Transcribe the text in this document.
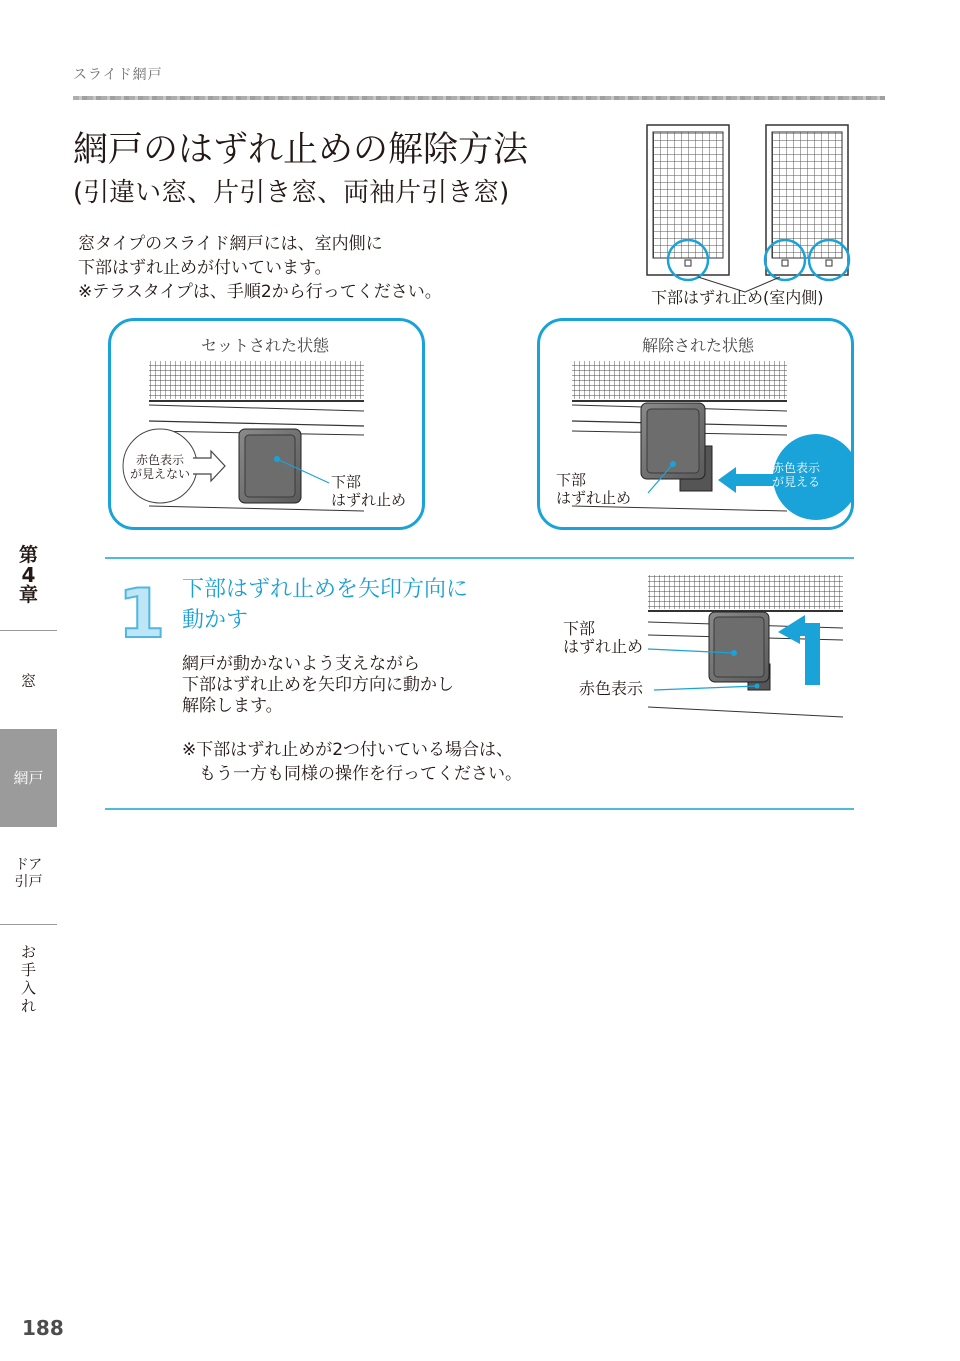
スライド網戸
網戸のはずれ止めの解除方法
(引違い窓、片引き窓、両袖片引き窓)
窓タイプのスライド網戸には、室内側に
下部はずれ止めが付いています。
※テラスタイプは、手順2から行ってください。	下部はずれ止め(室内側)
セットされた状態
赤色表示
が見えない	下部
はずれ止め
解除された状態
下部
はずれ止め
赤色表示
が見える
1 下部はずれ止めを矢印方向に
動かす
網戸が動かないよう支えながら
下部はずれ止めを矢印方向に動かし
解除します。
※下部はずれ止めが2つ付いている場合は、
　もう一方も同様の操作を行ってください。
下部
はずれ止め
赤色表示
第
4
章
窓
網戸
ドア
引戸
お
手
入
れ
188
